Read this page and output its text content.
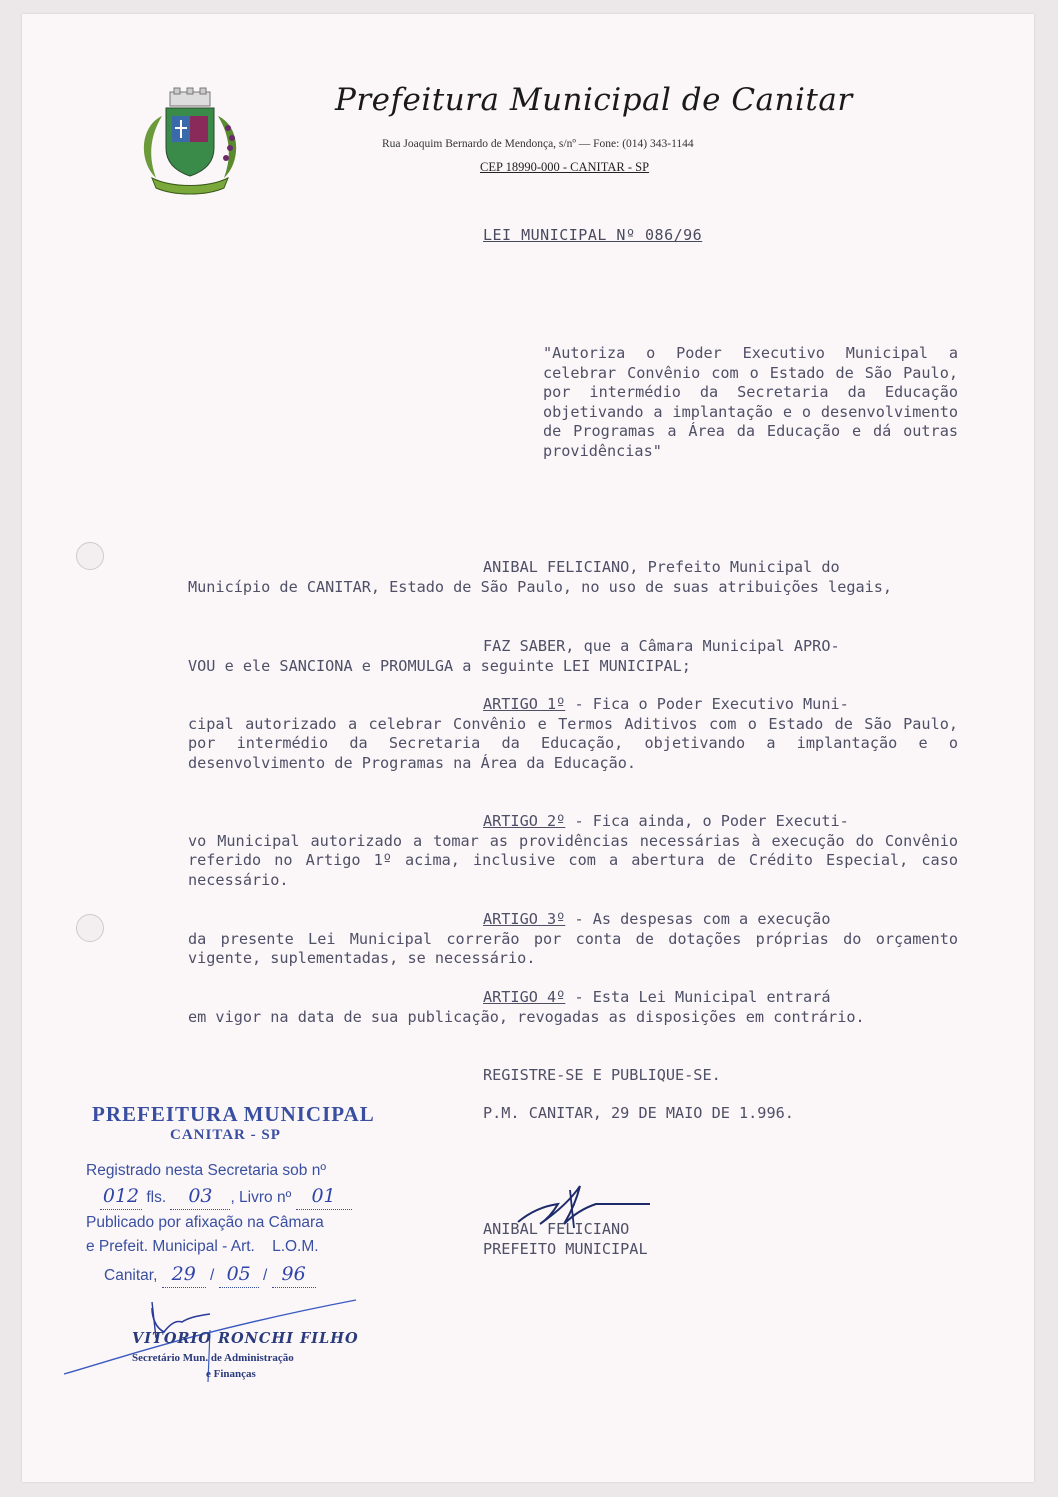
Prefeitura Municipal de Canitar
Rua Joaquim Bernardo de Mendonça, s/nº — Fone: (014) 343-1144
CEP 18990-000 - CANITAR - SP
LEI MUNICIPAL Nº 086/96
"Autoriza o Poder Executivo Municipal a celebrar Convênio com o Estado de São Paulo, por intermédio da Secretaria da Educação objetivando a implantação e o desenvolvimento de Programas a Área da Educação e dá outras providências"
ANIBAL FELICIANO, Prefeito Municipal do
Município de CANITAR, Estado de São Paulo, no uso de suas atribuições legais,
FAZ SABER, que a Câmara Municipal APRO-
VOU e ele SANCIONA e PROMULGA a seguinte LEI MUNICIPAL;
ARTIGO 1º - Fica o Poder Executivo Muni-
cipal autorizado a celebrar Convênio e Termos Aditivos com o Estado de São Paulo, por intermédio da Secretaria da Educação, objetivando a implantação e o desenvolvimento de Programas na Área da Educação.
ARTIGO 2º - Fica ainda, o Poder Executi-
vo Municipal autorizado a tomar as providências necessárias à execução do Convênio referido no Artigo 1º acima, inclusive com a abertura de Crédito Especial, caso necessário.
ARTIGO 3º - As despesas com a execução
da presente Lei Municipal correrão por conta de dotações próprias do orçamento vigente, suplementadas, se necessário.
ARTIGO 4º - Esta Lei Municipal entrará
em vigor na data de sua publicação, revogadas as disposições em contrário.
REGISTRE-SE E PUBLIQUE-SE.
P.M. CANITAR, 29 DE MAIO DE 1.996.
ANIBAL FELICIANO
PREFEITO MUNICIPAL
PREFEITURA MUNICIPAL
CANITAR - SP
Registrado nesta Secretaria sob nº
012 fls. 03 , Livro nº 01
Publicado por afixação na Câmara
e Prefeit. Municipal - Art.    L.O.M.
Canitar, 29 / 05 / 96
VITORIO RONCHI FILHO
Secretário Mun. de Administração
e Finanças
